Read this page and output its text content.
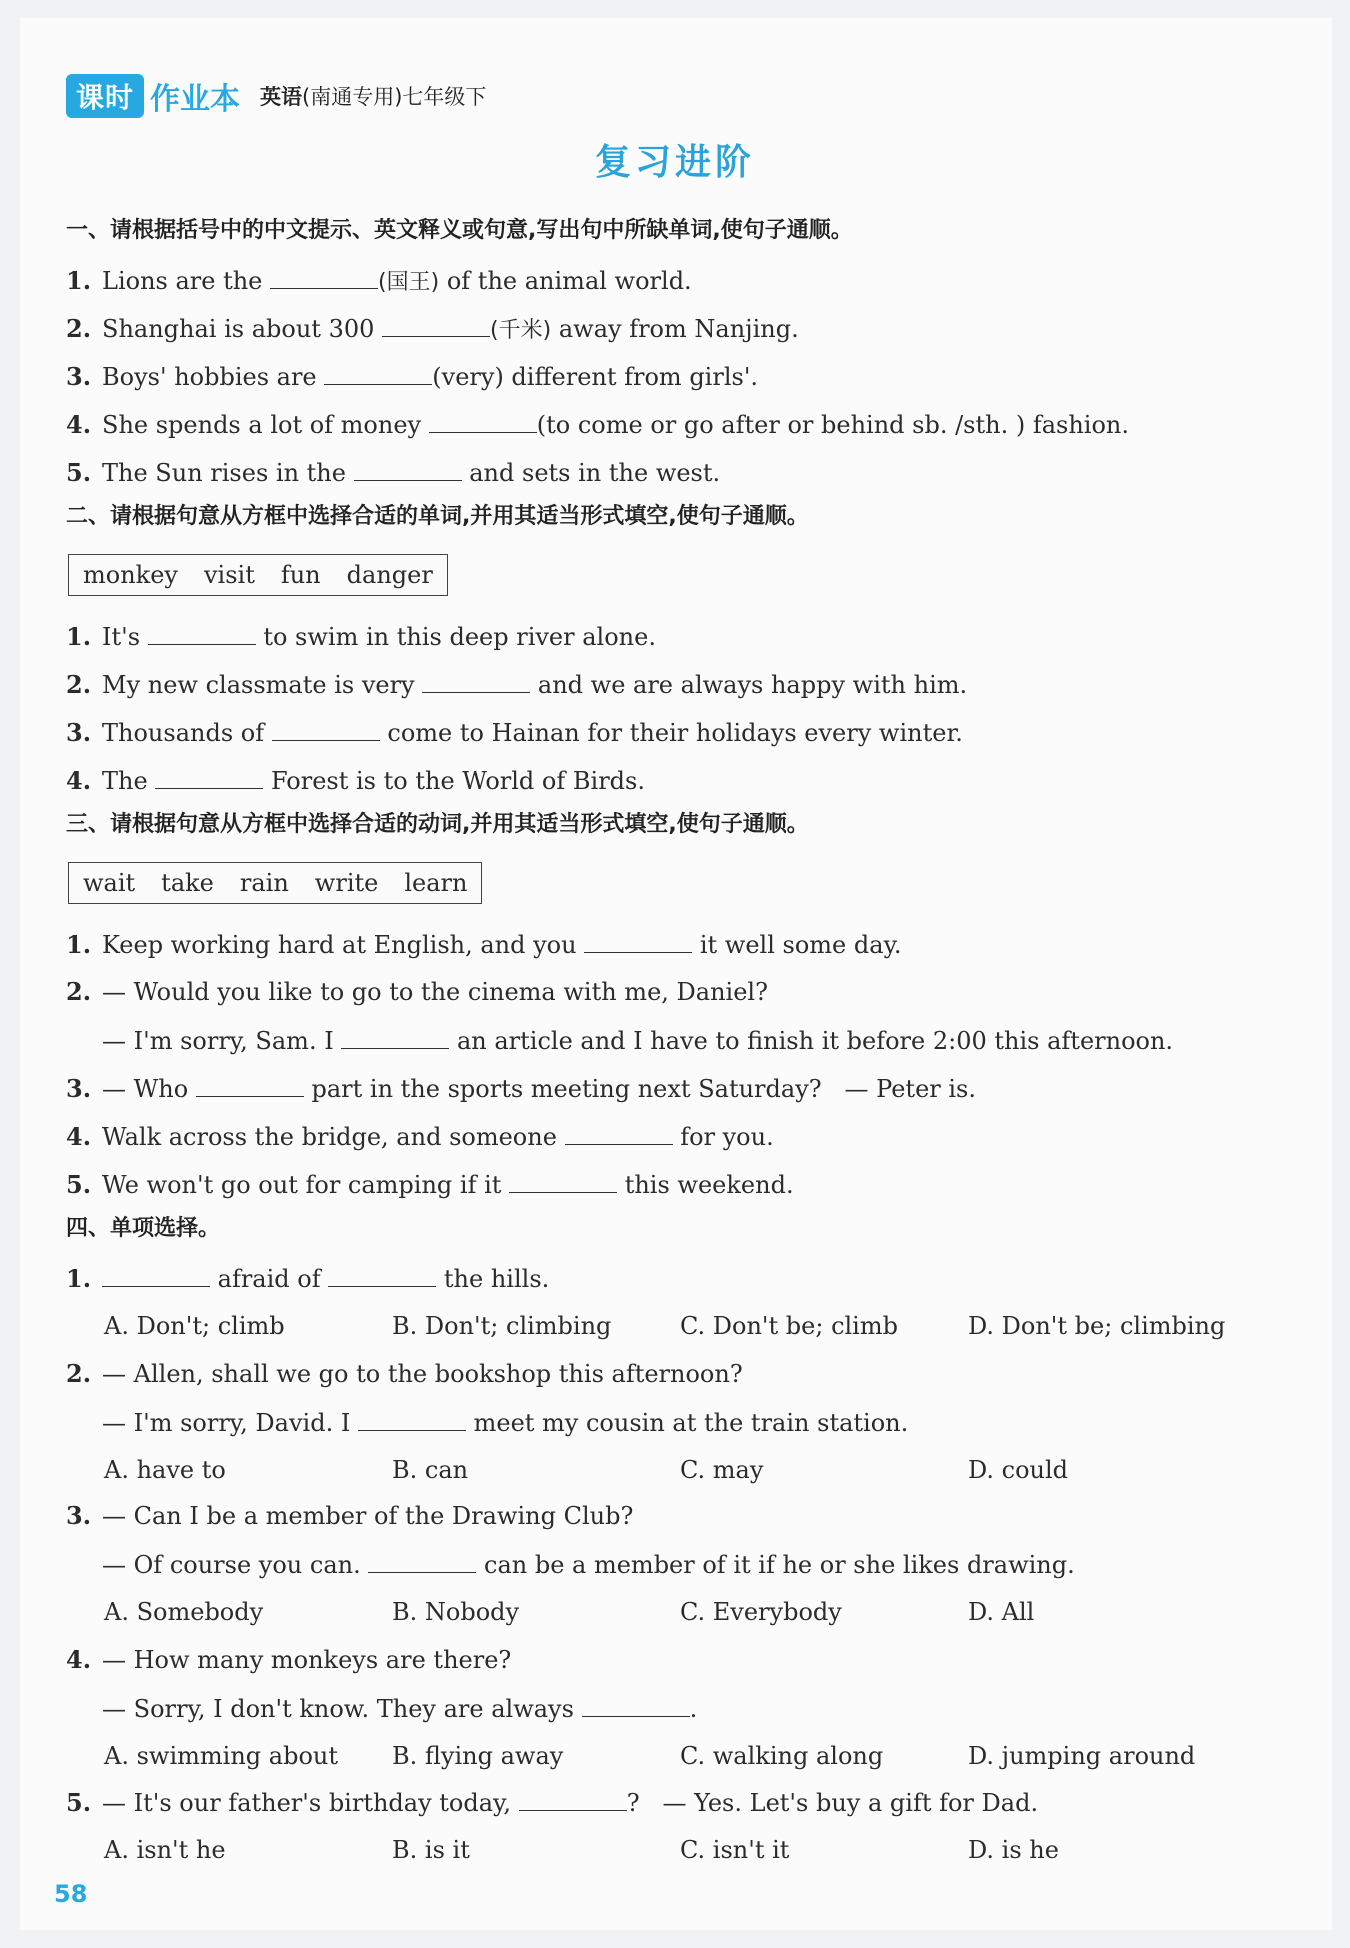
课时 作业本 英语(南通专用)七年级下
复习进阶
一、请根据括号中的中文提示、英文释义或句意,写出句中所缺单词,使句子通顺。
1. Lions are the	(国王) of the animal world.
2. Shanghai is about 300	(千米) away from Nanjing.
3. Boys' hobbies are	(very) different from girls'.
4. She spends a lot of money	(to come or go after or behind sb. /sth. ) fashion.
5. The Sun rises in the	and sets in the west.
二、请根据句意从方框中选择合适的单词,并用其适当形式填空,使句子通顺。
monkey visit fun danger
1. It's	to swim in this deep river alone.
2. My new classmate is very	and we are always happy with him.
3. Thousands of	come to Hainan for their holidays every winter.
4. The	Forest is to the World of Birds.
三、请根据句意从方框中选择合适的动词,并用其适当形式填空,使句子通顺。
wait take rain write learn
1. Keep working hard at English, and you	it well some day.
2. — Would you like to go to the cinema with me, Daniel?
— I'm sorry, Sam. I	an article and I have to finish it before 2:00 this afternoon.
3. — Who	part in the sports meeting next Saturday? — Peter is.
4. Walk across the bridge, and someone	for you.
5. We won't go out for camping if it	this weekend.
四、单项选择。
1.	afraid of	the hills.
A. Don't; climb	B. Don't; climbing	C. Don't be; climb	D. Don't be; climbing
2. — Allen, shall we go to the bookshop this afternoon?
— I'm sorry, David. I	meet my cousin at the train station.
A. have to	B. can	C. may	D. could
3. — Can I be a member of the Drawing Club?
— Of course you can.	can be a member of it if he or she likes drawing.
A. Somebody	B. Nobody	C. Everybody	D. All
4. — How many monkeys are there?
— Sorry, I don't know. They are always	.
A. swimming about B. flying away	C. walking along	D. jumping around
5. — It's our father's birthday today,	? — Yes. Let's buy a gift for Dad.
A. isn't he	B. is it	C. isn't it	D. is he
58
